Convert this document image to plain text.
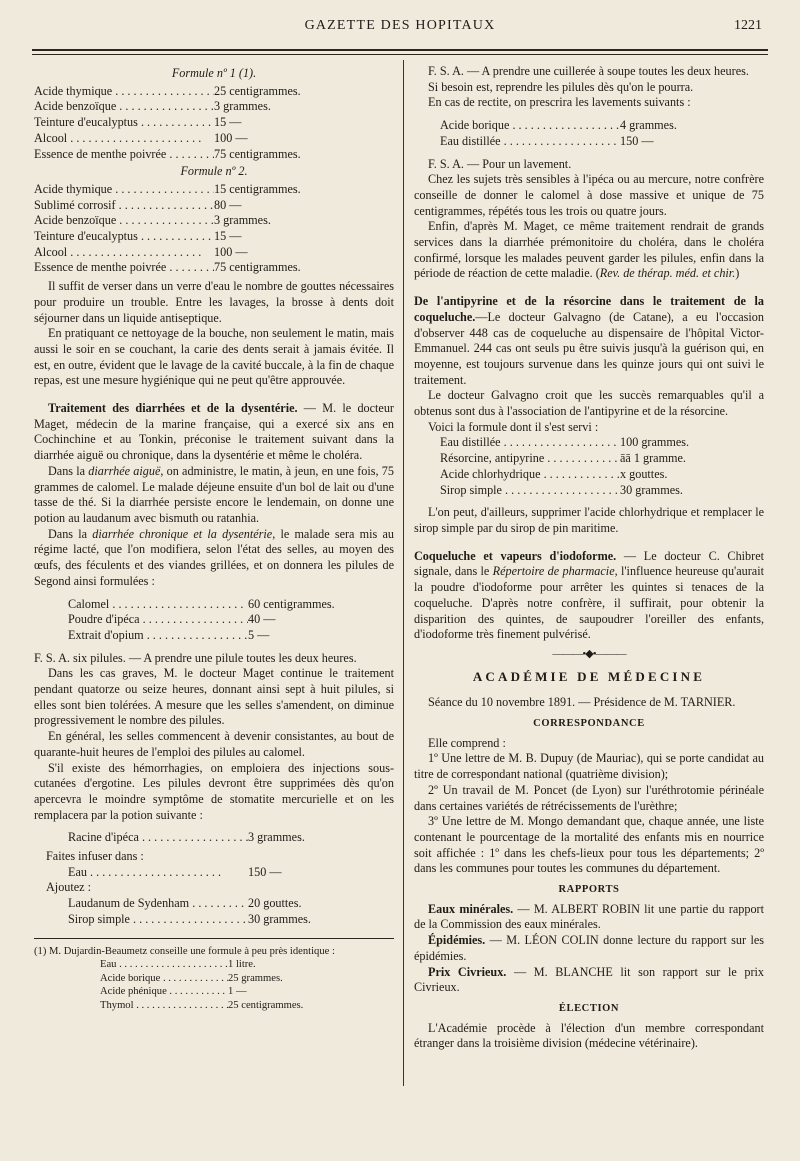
GAZETTE DES HOPITAUX	1221
Formule nº 1 (1).
Acide thymique . . .	25 centigrammes.
Acide benzoïque . . .	3 grammes.
Teinture d'eucalyptus . . .	15 —
Alcool . . .	100 —
Essence de menthe poivrée . . .	75 centigrammes.
Formule nº 2.
Acide thymique . . .	15 centigrammes.
Sublimé corrosif . . .	80 —
Acide benzoïque . . .	3 grammes.
Teinture d'eucalyptus . . .	15 —
Alcool . . .	100 —
Essence de menthe poivrée . . .	75 centigrammes.

Il suffit de verser dans un verre d'eau le nombre de gouttes nécessaires pour produire un trouble. Entre les lavages, la brosse à dents doit séjourner dans un liquide antiseptique.

En pratiquant ce nettoyage de la bouche, non seulement le matin, mais aussi le soir en se couchant, la carie des dents serait à jamais évitée. Il est, en outre, évident que le lavage de la cavité buccale, à la fin de chaque repas, est une mesure hygiénique qui ne peut qu'être approuvée.

Traitement des diarrhées et de la dysentérie. — M. le docteur Maget, médecin de la marine française, qui a exercé six ans en Cochinchine et au Tonkin, préconise le traitement suivant dans la diarrhée aiguë ou chronique, dans la dysentérie et même le choléra.

Dans la diarrhée aiguë, on administre, le matin, à jeun, en une fois, 75 grammes de calomel. Le malade déjeune ensuite d'un bol de lait ou d'une tasse de thé. Si la diarrhée persiste encore le lendemain, on donne une potion au laudanum avec bismuth ou ratanhia.

Dans la diarrhée chronique et la dysentérie, le malade sera mis au régime lacté, que l'on modifiera, selon l'état des selles, au moyen des œufs, des féculents et des viandes grillées, et on donnera les pilules de Segond ainsi formulées :

Calomel . . .	60 centigrammes.
Poudre d'ipéca . . .	40 —
Extrait d'opium . . .	5 —

F. S. A. six pilules. — A prendre une pilule toutes les deux heures.

Dans les cas graves, M. le docteur Maget continue le traitement pendant quatorze ou seize heures, donnant ainsi sept à huit pilules, si elles sont bien tolérées. A mesure que les selles s'amendent, on diminue progressivement le nombre des pilules.

En général, les selles commencent à devenir consistantes, au bout de quarante-huit heures de l'emploi des pilules au calomel.

S'il existe des hémorrhagies, on emploiera des injections sous-cutanées d'ergotine. Les pilules devront être supprimées dès qu'on apercevra le moindre symptôme de stomatite mercurielle et on les remplacera par la potion suivante :

Racine d'ipéca . . .	3 grammes.

Faites infuser dans :

Eau . . .	150 —

Ajoutez :

Laudanum de Sydenham . . .	20 gouttes.
Sirop simple . . .	30 grammes.

(1) M. Dujardin-Beaumetz conseille une formule à peu près identique :

Eau . . .	1 litre.
Acide borique . . .	25 grammes.
Acide phénique . . .	1 —
Thymol . . .	25 centigrammes.

F. S. A. — A prendre une cuillerée à soupe toutes les deux heures.

Si besoin est, reprendre les pilules dès qu'on le pourra.

En cas de rectite, on prescrira les lavements suivants :

Acide borique . . .	4 grammes.
Eau distillée . . .	150 —

F. S. A. — Pour un lavement.

Chez les sujets très sensibles à l'ipéca ou au mercure, notre confrère conseille de donner le calomel à dose massive et unique de 75 centigrammes, répétés tous les trois ou quatre jours.

Enfin, d'après M. Maget, ce même traitement rendrait de grands services dans la diarrhée prémonitoire du choléra, dans le choléra confirmé, lorsque les malades peuvent garder les pilules, enfin dans la période de réaction de cette maladie. (Rev. de thérap. méd. et chir.)

De l'antipyrine et de la résorcine dans le traitement de la coqueluche.—Le docteur Galvagno (de Catane), a eu l'occasion d'observer 448 cas de coqueluche au dispensaire de l'hôpital Victor-Emmanuel. 244 cas ont seuls pu être suivis jusqu'à la guérison qui, en moyenne, est toujours survenue dans les quinze jours qui ont suivi le traitement.

Le docteur Galvagno croit que les succès remarquables qu'il a obtenus sont dus à l'association de l'antipyrine et de la résorcine.

Voici la formule dont il s'est servi :

Eau distillée . . .	100 grammes.
Résorcine, antipyrine . . .	āā 1 gramme.
Acide chlorhydrique . . .	x gouttes.
Sirop simple . . .	30 grammes.

L'on peut, d'ailleurs, supprimer l'acide chlorhydrique et remplacer le sirop simple par du sirop de pin maritime.

Coqueluche et vapeurs d'iodoforme. — Le docteur C. Chibret signale, dans le Répertoire de pharmacie, l'influence heureuse qu'aurait la poudre d'iodoforme pour arrêter les quintes si tenaces de la coqueluche. D'après notre confrère, il suffirait, pour obtenir la disparition des quintes, de saupoudrer l'oreiller des enfants, d'iodoforme très finement pulvérisé.

———•◆•———
ACADÉMIE DE MÉDECINE

Séance du 10 novembre 1891. — Présidence de M. TARNIER.

CORRESPONDANCE

Elle comprend :

1º Une lettre de M. B. Dupuy (de Mauriac), qui se porte candidat au titre de correspondant national (quatrième division);

2º Un travail de M. Poncet (de Lyon) sur l'uréthrotomie périnéale dans certaines variétés de rétrécissements de l'urèthre;

3º Une lettre de M. Mongo demandant que, chaque année, une liste contenant le pourcentage de la mortalité des enfants mis en nourrice soit affichée : 1º dans les chefs-lieux pour tous les départements; 2º dans les communes pour toutes les communes du département.

RAPPORTS

Eaux minérales. — M. ALBERT ROBIN lit une partie du rapport de la Commission des eaux minérales.

Épidémies. — M. LÉON COLIN donne lecture du rapport sur les épidémies.

Prix Civrieux. — M. BLANCHE lit son rapport sur le prix Civrieux.

ÉLECTION

L'Académie procède à l'élection d'un membre correspondant étranger dans la troisième division (médecine vétérinaire).
